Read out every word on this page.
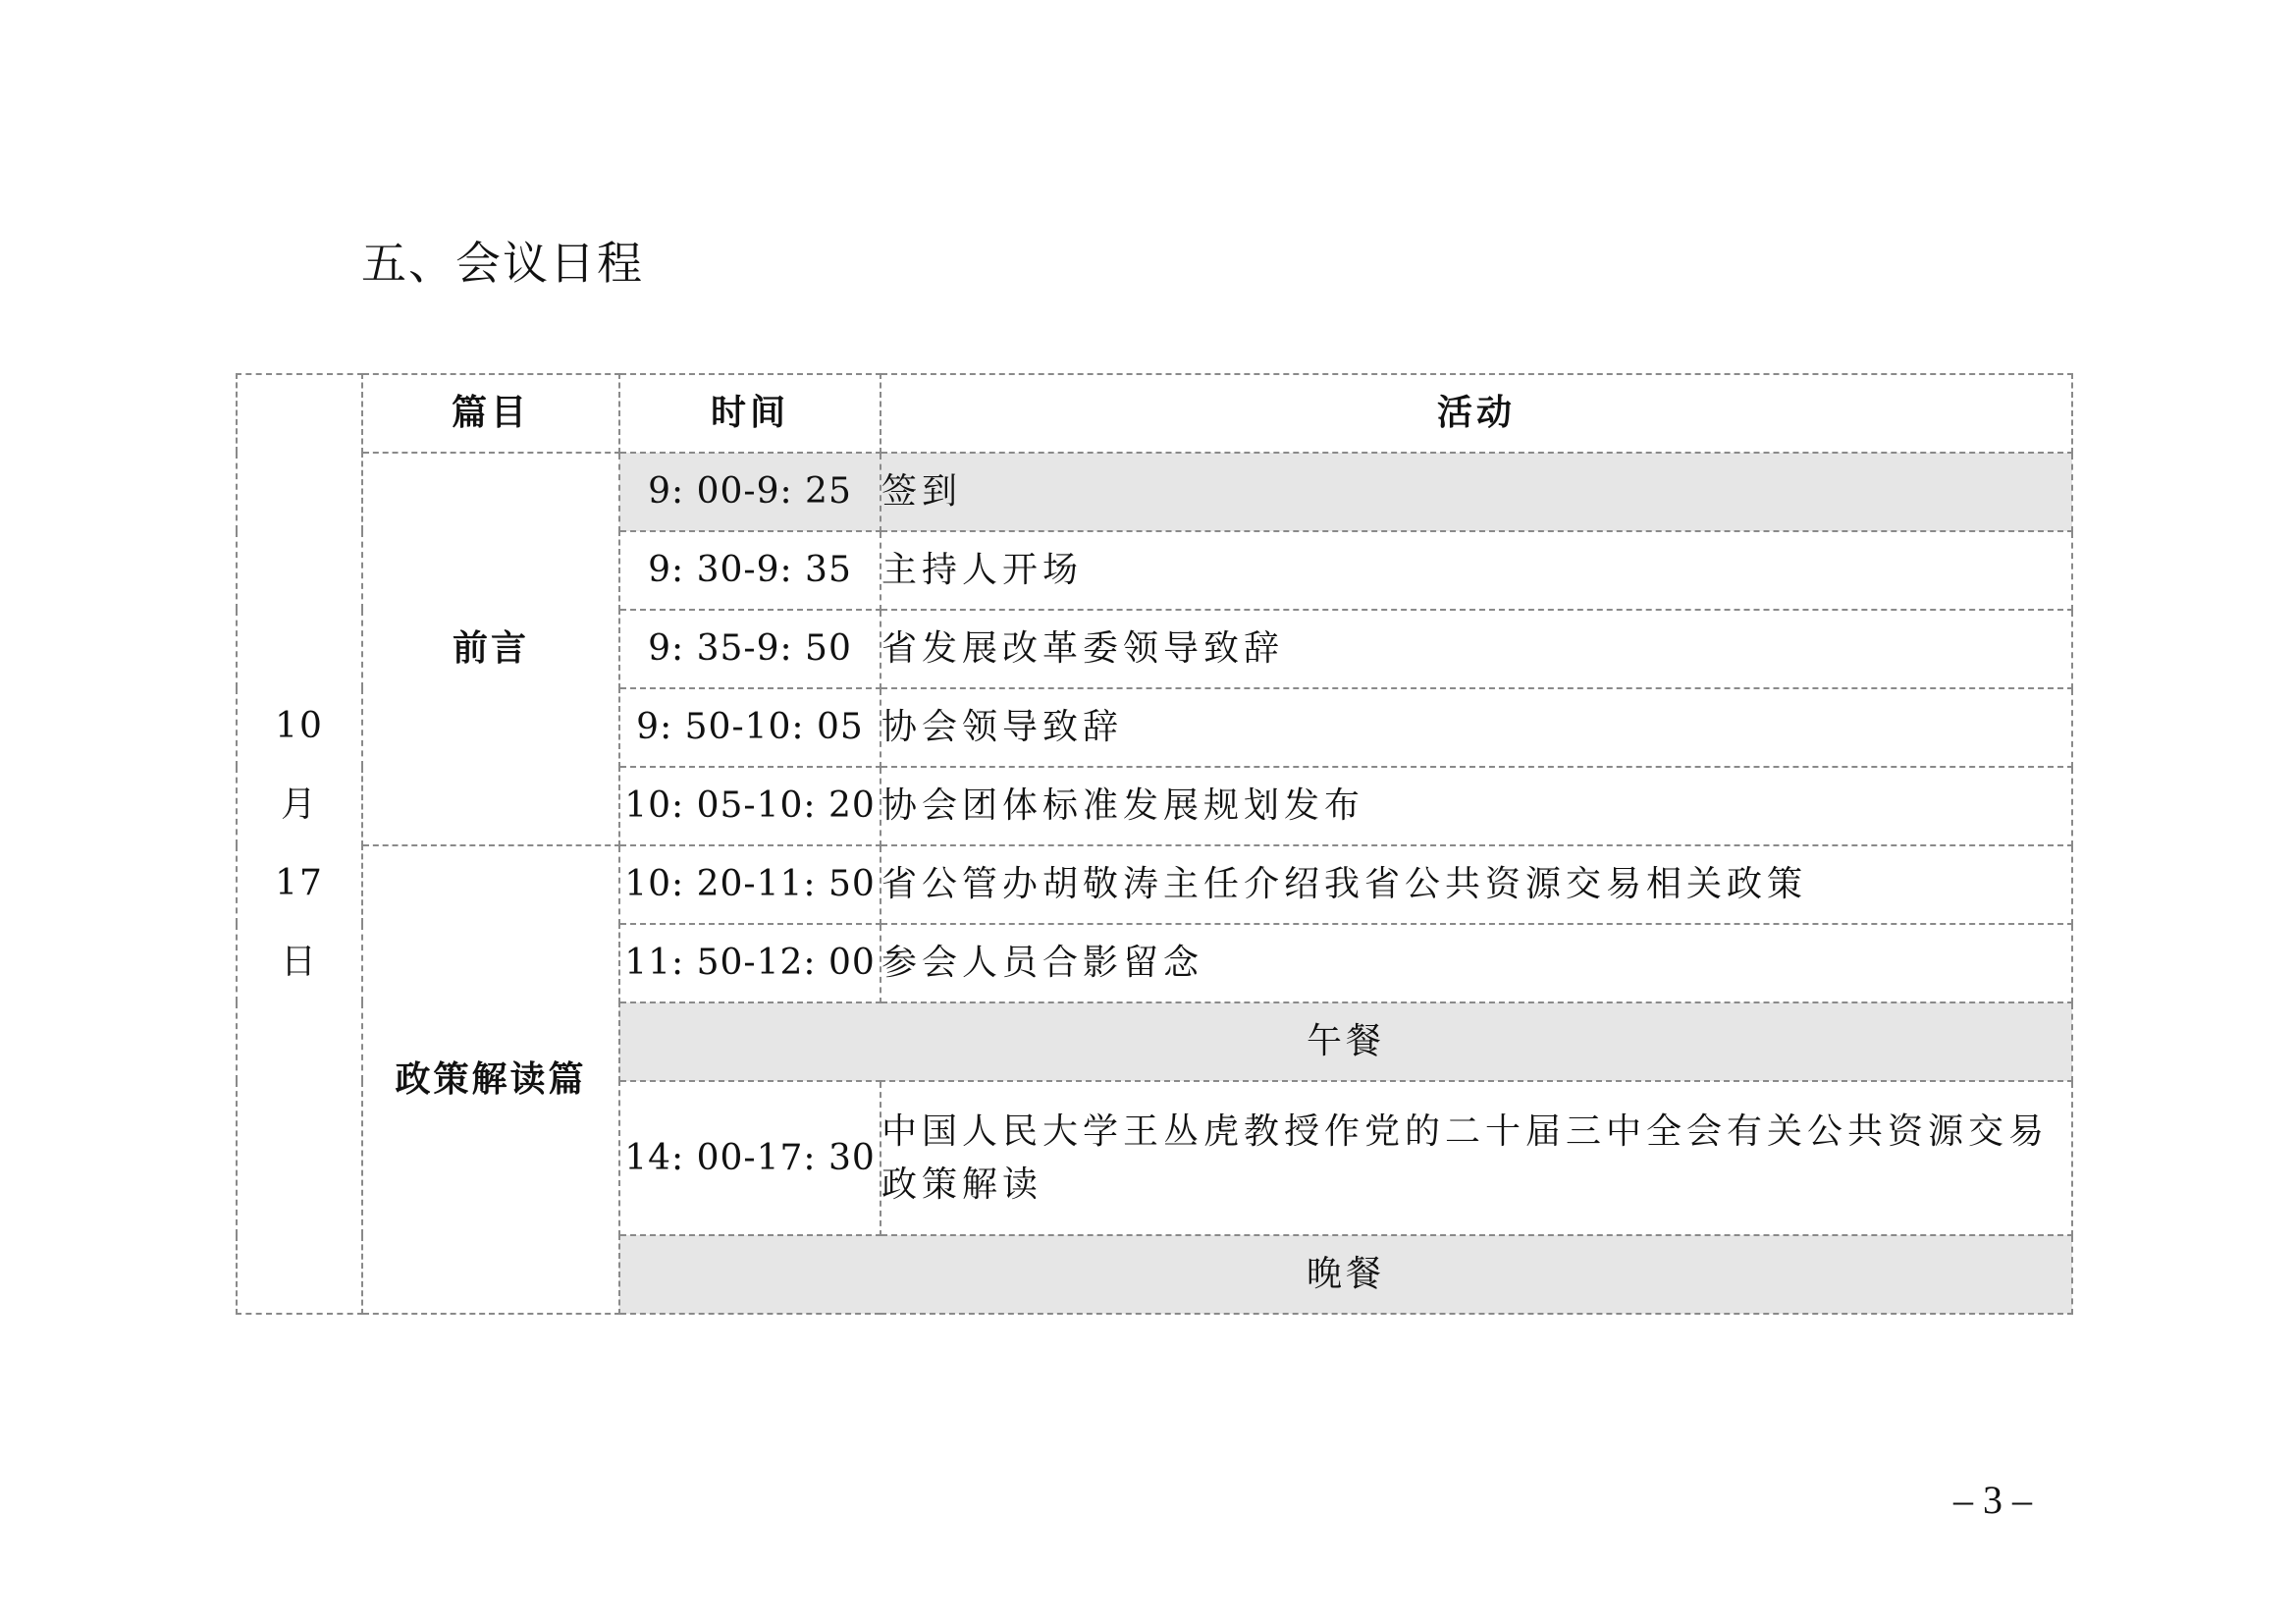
五、会议日程
10
月
17
日	篇目	时间	活动
	前言	9: 00-9: 25	签到
		9: 30-9: 35	主持人开场
		9: 35-9: 50	省发展改革委领导致辞
		9: 50-10: 05	协会领导致辞
		10: 05-10: 20	协会团体标准发展规划发布
	政策解读篇	10: 20-11: 50	省公管办胡敬涛主任介绍我省公共资源交易相关政策
		11: 50-12: 00	参会人员合影留念
		午餐	
		14: 00-17: 30	中国人民大学王丛虎教授作党的二十届三中全会有关公共资源交易政策解读
		晚餐	
– 3 –
